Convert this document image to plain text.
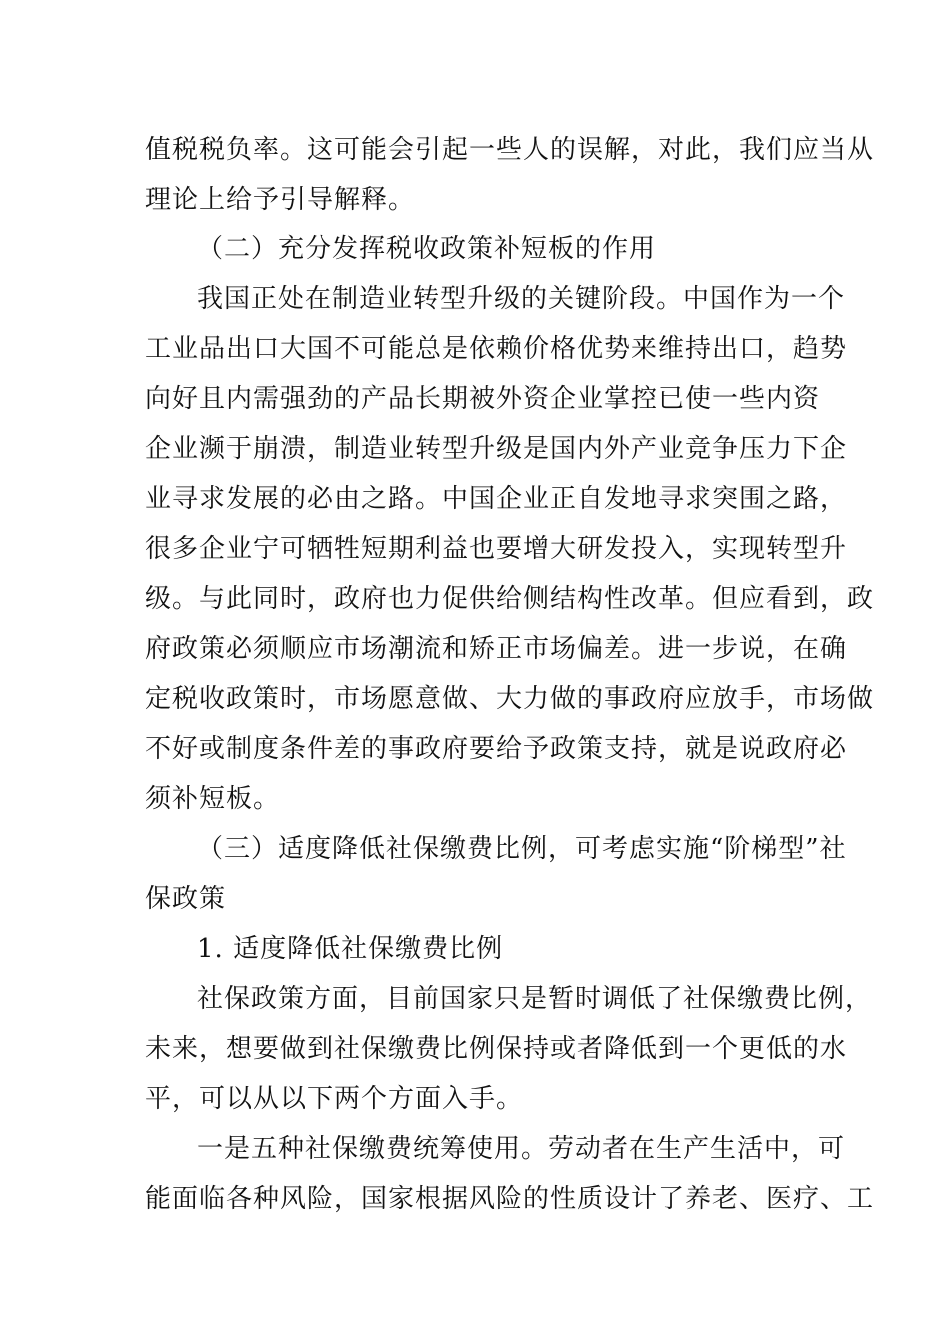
值税税负率。这可能会引起一些人的误解，对此，我们应当从
理论上给予引导解释。
（二）充分发挥税收政策补短板的作用
我国正处在制造业转型升级的关键阶段。中国作为一个
工业品出口大国不可能总是依赖价格优势来维持出口，趋势
向好且内需强劲的产品长期被外资企业掌控已使一些内资
企业濒于崩溃，制造业转型升级是国内外产业竞争压力下企
业寻求发展的必由之路。中国企业正自发地寻求突围之路，
很多企业宁可牺牲短期利益也要增大研发投入，实现转型升
级。与此同时，政府也力促供给侧结构性改革。但应看到，政
府政策必须顺应市场潮流和矫正市场偏差。进一步说，在确
定税收政策时，市场愿意做、大力做的事政府应放手，市场做
不好或制度条件差的事政府要给予政策支持，就是说政府必
须补短板。
（三）适度降低社保缴费比例，可考虑实施“阶梯型”社
保政策
1. 适度降低社保缴费比例
社保政策方面，目前国家只是暂时调低了社保缴费比例，
未来，想要做到社保缴费比例保持或者降低到一个更低的水
平，可以从以下两个方面入手。
一是五种社保缴费统筹使用。劳动者在生产生活中，可
能面临各种风险，国家根据风险的性质设计了养老、医疗、工
